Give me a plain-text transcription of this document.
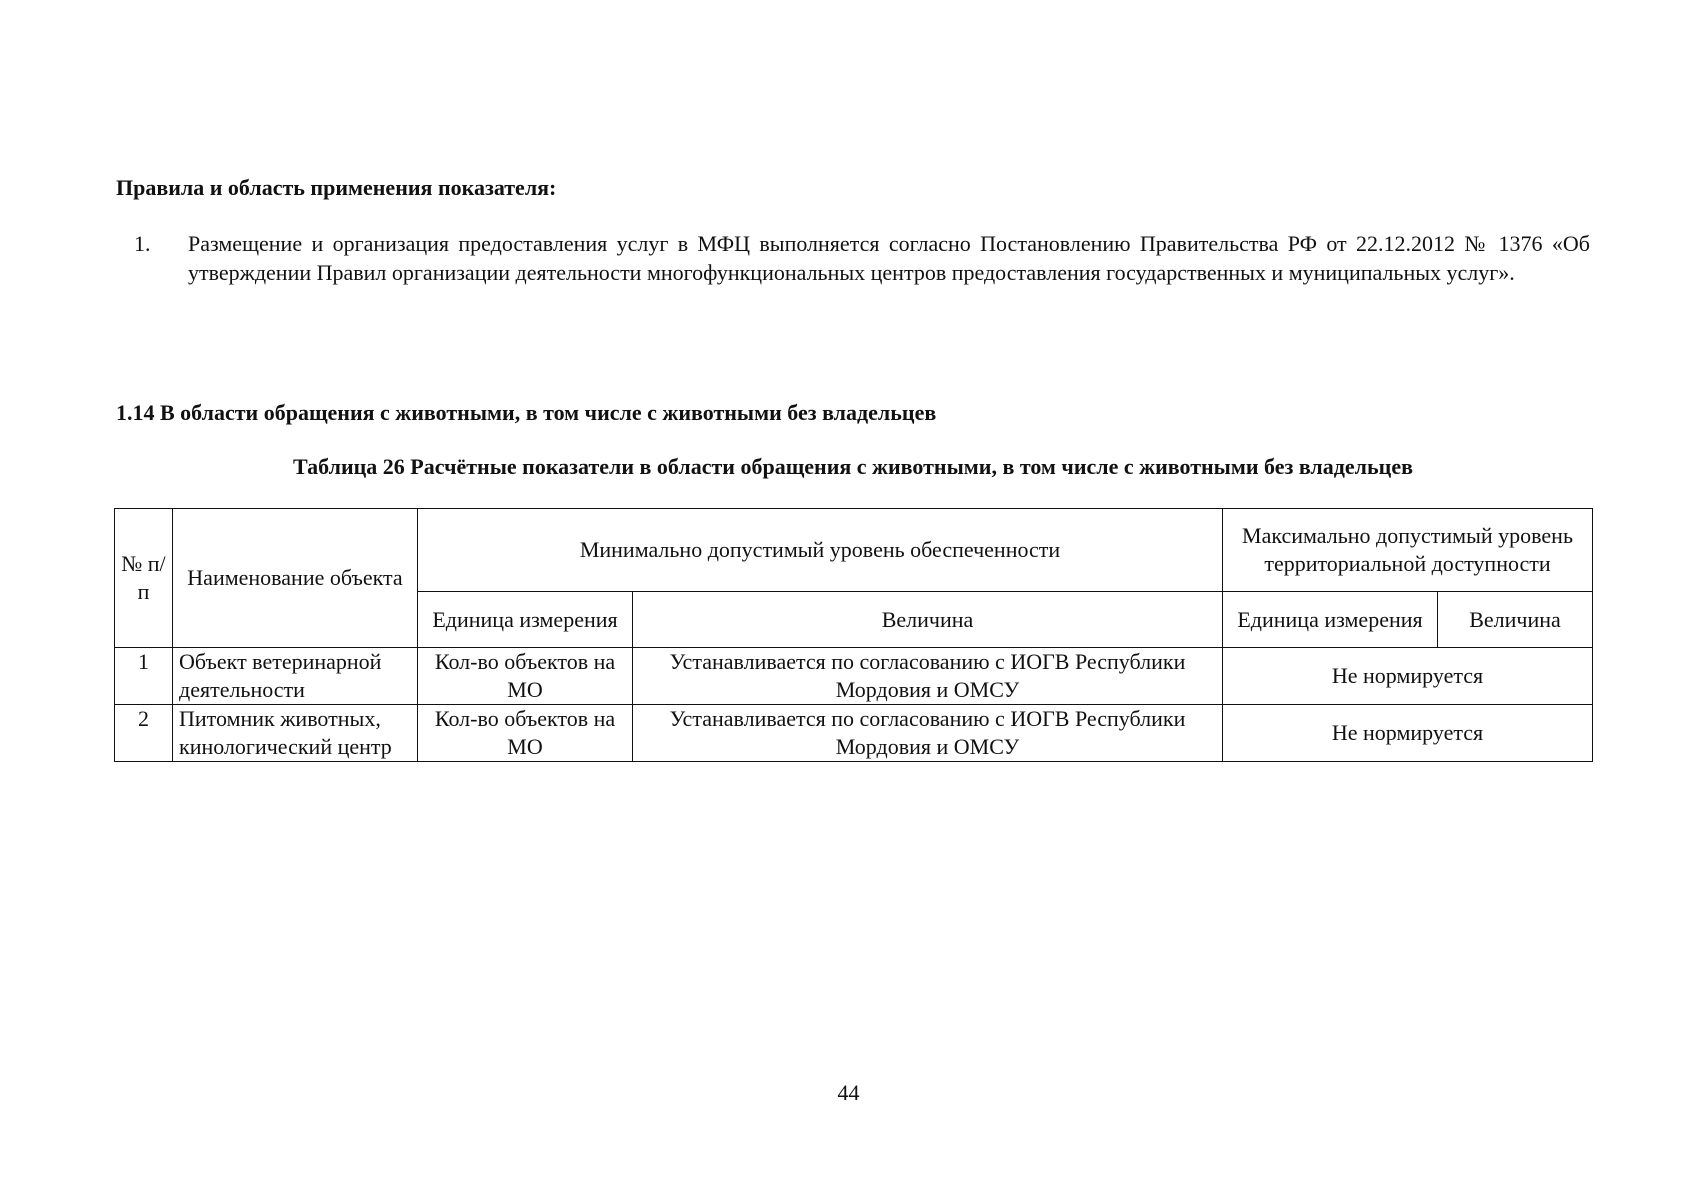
Правила и область применения показателя:

1.	Размещение и организация предоставления услуг в МФЦ выполняется согласно Постановлению Правительства РФ от 22.12.2012 № 1376 «Об утверждении Правил организации деятельности многофункциональных центров предоставления государственных и муниципальных услуг».

1.14 В области обращения с животными, в том числе с животными без владельцев

Таблица 26 Расчётные показатели в области обращения с животными, в том числе с животными без владельцев

№ п/п	Наименование объекта	Минимально допустимый уровень обеспеченности		Максимально допустимый уровень территориальной доступности	
		Единица измерения	Величина	Единица измерения	Величина
1	Объект ветеринарной деятельности	Кол-во объектов на МО	Устанавливается по согласованию с ИОГВ Республики Мордовия и ОМСУ	Не нормируется	
2	Питомник животных, кинологический центр	Кол-во объектов на МО	Устанавливается по согласованию с ИОГВ Республики Мордовия и ОМСУ	Не нормируется	

44
